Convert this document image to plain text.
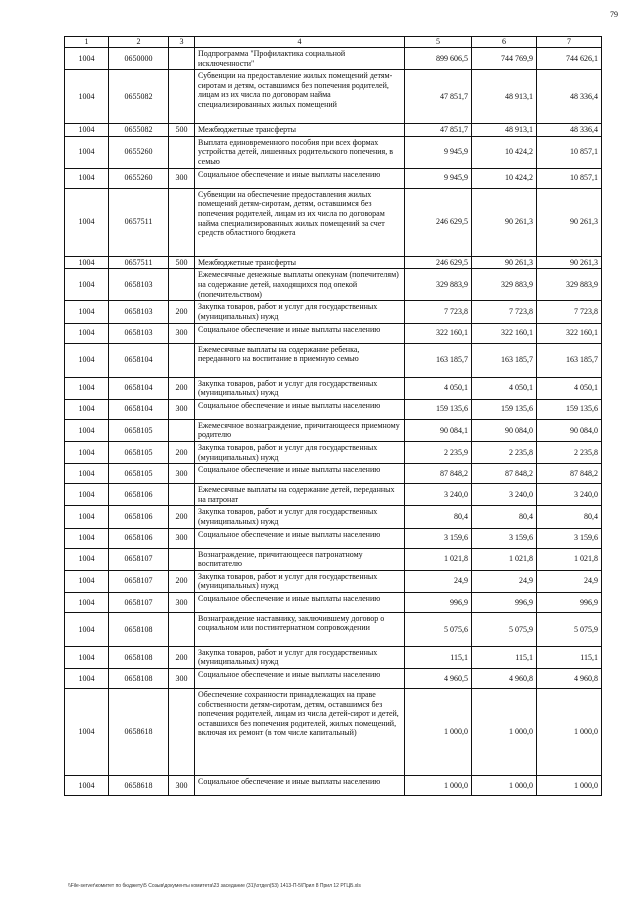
79
1	2	3	4	5	6	7
1004	0650000		Подпрограмма "Профилактика социальной исключенности"	899 606,5	744 769,9	744 626,1
1004	0655082		Субвенции на предоставление жилых помещений детям-сиротам и детям, оставшимся без попечения родителей, лицам из их числа по договорам найма специализированных жилых помещений	47 851,7	48 913,1	48 336,4
1004	0655082	500	Межбюджетные трансферты	47 851,7	48 913,1	48 336,4
1004	0655260		Выплата единовременного пособия при всех формах устройства детей, лишенных родительского попечения, в семью	9 945,9	10 424,2	10 857,1
1004	0655260	300	Социальное обеспечение и иные выплаты населению	9 945,9	10 424,2	10 857,1
1004	0657511		Субвенции на обеспечение предоставления жилых помещений детям-сиротам, детям, оставшимся без попечения родителей, лицам из их числа по договорам найма специализированных жилых помещений за счет средств областного бюджета	246 629,5	90 261,3	90 261,3
1004	0657511	500	Межбюджетные трансферты	246 629,5	90 261,3	90 261,3
1004	0658103		Ежемесячные денежные выплаты опекунам (попечителям) на содержание детей, находящихся под опекой (попечительством)	329 883,9	329 883,9	329 883,9
1004	0658103	200	Закупка товаров, работ и услуг для государственных (муниципальных) нужд	7 723,8	7 723,8	7 723,8
1004	0658103	300	Социальное обеспечение и иные выплаты населению	322 160,1	322 160,1	322 160,1
1004	0658104		Ежемесячные выплаты на содержание ребенка, переданного на воспитание в приемную семью	163 185,7	163 185,7	163 185,7
1004	0658104	200	Закупка товаров, работ и услуг для государственных (муниципальных) нужд	4 050,1	4 050,1	4 050,1
1004	0658104	300	Социальное обеспечение и иные выплаты населению	159 135,6	159 135,6	159 135,6
1004	0658105		Ежемесячное вознаграждение, причитающееся приемному родителю	90 084,1	90 084,0	90 084,0
1004	0658105	200	Закупка товаров, работ и услуг для государственных (муниципальных) нужд	2 235,9	2 235,8	2 235,8
1004	0658105	300	Социальное обеспечение и иные выплаты населению	87 848,2	87 848,2	87 848,2
1004	0658106		Ежемесячные выплаты на содержание детей, переданных на патронат	3 240,0	3 240,0	3 240,0
1004	0658106	200	Закупка товаров, работ и услуг для государственных (муниципальных) нужд	80,4	80,4	80,4
1004	0658106	300	Социальное обеспечение и иные выплаты населению	3 159,6	3 159,6	3 159,6
1004	0658107		Вознаграждение, причитающееся патронатному воспитателю	1 021,8	1 021,8	1 021,8
1004	0658107	200	Закупка товаров, работ и услуг для государственных (муниципальных) нужд	24,9	24,9	24,9
1004	0658107	300	Социальное обеспечение и иные выплаты населению	996,9	996,9	996,9
1004	0658108		Вознаграждение наставнику, заключившему договор о социальном или постинтернатном сопровождении	5 075,6	5 075,9	5 075,9
1004	0658108	200	Закупка товаров, работ и услуг для государственных (муниципальных) нужд	115,1	115,1	115,1
1004	0658108	300	Социальное обеспечение и иные выплаты населению	4 960,5	4 960,8	4 960,8
1004	0658618		Обеспечение сохранности принадлежащих на праве собственности детям-сиротам, детям, оставшимся без попечения родителей, лицам из числа детей-сирот и детей, оставшихся без попечения родителей, жилых помещений, включая их ремонт (в том числе капитальный)	1 000,0	1 000,0	1 000,0
1004	0658618	300	Социальное обеспечение и иные выплаты населению	1 000,0	1 000,0	1 000,0
\\File-server\комитет по бюджету\5 Созыв\документы комитета\23 заседание (31)\отдел(53) 1413-П-5\Прил 8 Прил 12 РГЦБ.xls
